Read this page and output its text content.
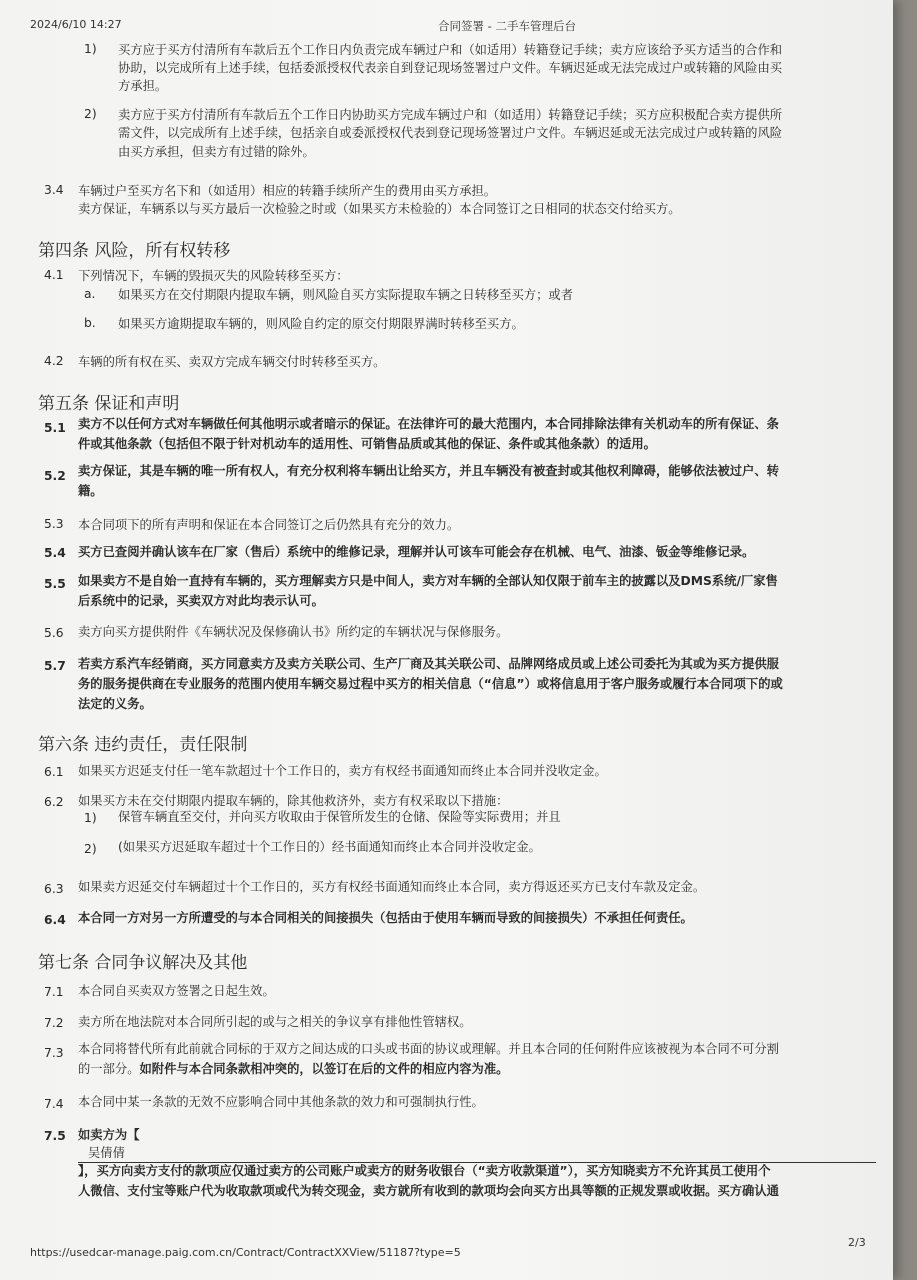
2024/6/10 14:27	合同签署 - 二手车管理后台
1) 买方应于买方付清所有车款后五个工作日内负责完成车辆过户和（如适用）转籍登记手续；卖方应该给予买方适当的合作和
协助，以完成所有上述手续，包括委派授权代表亲自到登记现场签署过户文件。车辆迟延或无法完成过户或转籍的风险由买
方承担。
2) 卖方应于买方付清所有车款后五个工作日内协助买方完成车辆过户和（如适用）转籍登记手续；买方应积极配合卖方提供所
需文件，以完成所有上述手续，包括亲自或委派授权代表到登记现场签署过户文件。车辆迟延或无法完成过户或转籍的风险
由买方承担，但卖方有过错的除外。
3.4 车辆过户至买方名下和（如适用）相应的转籍手续所产生的费用由买方承担。
卖方保证，车辆系以与买方最后一次检验之时或（如果买方未检验的）本合同签订之日相同的状态交付给买方。
第四条 风险，所有权转移
4.1 下列情况下，车辆的毁损灭失的风险转移至买方：
a. 如果买方在交付期限内提取车辆，则风险自买方实际提取车辆之日转移至买方；或者
b. 如果买方逾期提取车辆的，则风险自约定的原交付期限界满时转移至买方。
4.2 车辆的所有权在买、卖双方完成车辆交付时转移至买方。
第五条 保证和声明
5.1 卖方不以任何方式对车辆做任何其他明示或者暗示的保证。在法律许可的最大范围内，本合同排除法律有关机动车的所有保证、条
件或其他条款（包括但不限于针对机动车的适用性、可销售品质或其他的保证、条件或其他条款）的适用。
5.2 卖方保证，其是车辆的唯一所有权人，有充分权利将车辆出让给买方，并且车辆没有被查封或其他权利障碍，能够依法被过户、转
籍。
5.3 本合同项下的所有声明和保证在本合同签订之后仍然具有充分的效力。
5.4 买方已查阅并确认该车在厂家（售后）系统中的维修记录，理解并认可该车可能会存在机械、电气、油漆、钣金等维修记录。
5.5 如果卖方不是自始一直持有车辆的，买方理解卖方只是中间人，卖方对车辆的全部认知仅限于前车主的披露以及DMS系统/厂家售
后系统中的记录，买卖双方对此均表示认可。
5.6 卖方向买方提供附件《车辆状况及保修确认书》所约定的车辆状况与保修服务。
5.7 若卖方系汽车经销商，买方同意卖方及卖方关联公司、生产厂商及其关联公司、品牌网络成员或上述公司委托为其或为买方提供服
务的服务提供商在专业服务的范围内使用车辆交易过程中买方的相关信息（“信息”）或将信息用于客户服务或履行本合同项下的或
法定的义务。
第六条 违约责任，责任限制
6.1 如果买方迟延支付任一笔车款超过十个工作日的，卖方有权经书面通知而终止本合同并没收定金。
6.2 如果买方未在交付期限内提取车辆的，除其他救济外，卖方有权采取以下措施：
1) 保管车辆直至交付，并向买方收取由于保管所发生的仓储、保险等实际费用；并且
2) (如果买方迟延取车超过十个工作日的）经书面通知而终止本合同并没收定金。
6.3 如果卖方迟延交付车辆超过十个工作日的，买方有权经书面通知而终止本合同，卖方得返还买方已支付车款及定金。
6.4 本合同一方对另一方所遭受的与本合同相关的间接损失（包括由于使用车辆而导致的间接损失）不承担任何责任。
第七条 合同争议解决及其他
7.1 本合同自买卖双方签署之日起生效。
7.2 卖方所在地法院对本合同所引起的或与之相关的争议享有排他性管辖权。
7.3 本合同将替代所有此前就合同标的于双方之间达成的口头或书面的协议或理解。并且本合同的任何附件应该被视为本合同不可分割
的一部分。如附件与本合同条款相冲突的，以签订在后的文件的相应内容为准。
7.4 本合同中某一条款的无效不应影响合同中其他条款的效力和可强制执行性。
7.5 如卖方为【
吴倩倩
】，买方向卖方支付的款项应仅通过卖方的公司账户或卖方的财务收银台（“卖方收款渠道”），买方知晓卖方不允许其员工使用个
人微信、支付宝等账户代为收取款项或代为转交现金，卖方就所有收到的款项均会向买方出具等额的正规发票或收据。买方确认通
2/3
https://usedcar-manage.paig.com.cn/Contract/ContractXXView/51187?type=5
